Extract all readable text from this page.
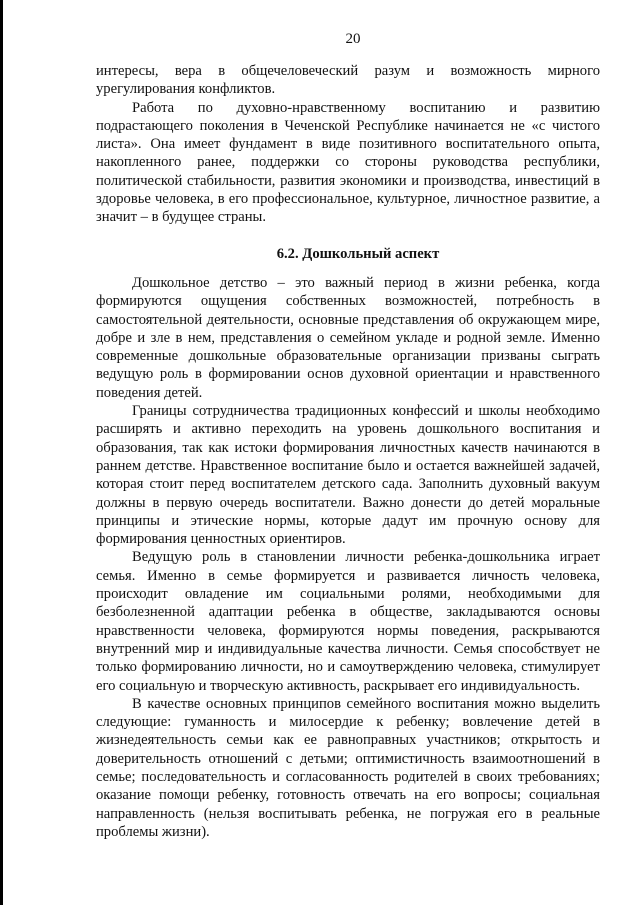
20

интересы, вера в общечеловеческий разум и возможность мирного урегулирования конфликтов.

Работа по духовно-нравственному воспитанию и развитию подрастающего поколения в Чеченской Республике начинается не «с чистого листа». Она имеет фундамент в виде позитивного воспитательного опыта, накопленного ранее, поддержки со стороны руководства республики, политической стабильности, развития экономики и производства, инвестиций в здоровье человека, в его профессиональное, культурное, личностное развитие, а значит – в будущее страны.

6.2. Дошкольный аспект

Дошкольное детство – это важный период в жизни ребенка, когда формируются ощущения собственных возможностей, потребность в самостоятельной деятельности, основные представления об окружающем мире, добре и зле в нем, представления о семейном укладе и родной земле. Именно современные дошкольные образовательные организации призваны сыграть ведущую роль в формировании основ духовной ориентации и нравственного поведения детей.

Границы сотрудничества традиционных конфессий и школы необходимо расширять и активно переходить на уровень дошкольного воспитания и образования, так как истоки формирования личностных качеств начинаются в раннем детстве. Нравственное воспитание было и остается важнейшей задачей, которая стоит перед воспитателем детского сада. Заполнить духовный вакуум должны в первую очередь воспитатели. Важно донести до детей моральные принципы и этические нормы, которые дадут им прочную основу для формирования ценностных ориентиров.

Ведущую роль в становлении личности ребенка-дошкольника играет семья. Именно в семье формируется и развивается личность человека, происходит овладение им социальными ролями, необходимыми для безболезненной адаптации ребенка в обществе, закладываются основы нравственности человека, формируются нормы поведения, раскрываются внутренний мир и индивидуальные качества личности. Семья способствует не только формированию личности, но и самоутверждению человека, стимулирует его социальную и творческую активность, раскрывает его индивидуальность.

В качестве основных принципов семейного воспитания можно выделить следующие: гуманность и милосердие к ребенку; вовлечение детей в жизнедеятельность семьи как ее равноправных участников; открытость и доверительность отношений с детьми; оптимистичность взаимоотношений в семье; последовательность и согласованность родителей в своих требованиях; оказание помощи ребенку, готовность отвечать на его вопросы; социальная направленность (нельзя воспитывать ребенка, не погружая его в реальные проблемы жизни).
